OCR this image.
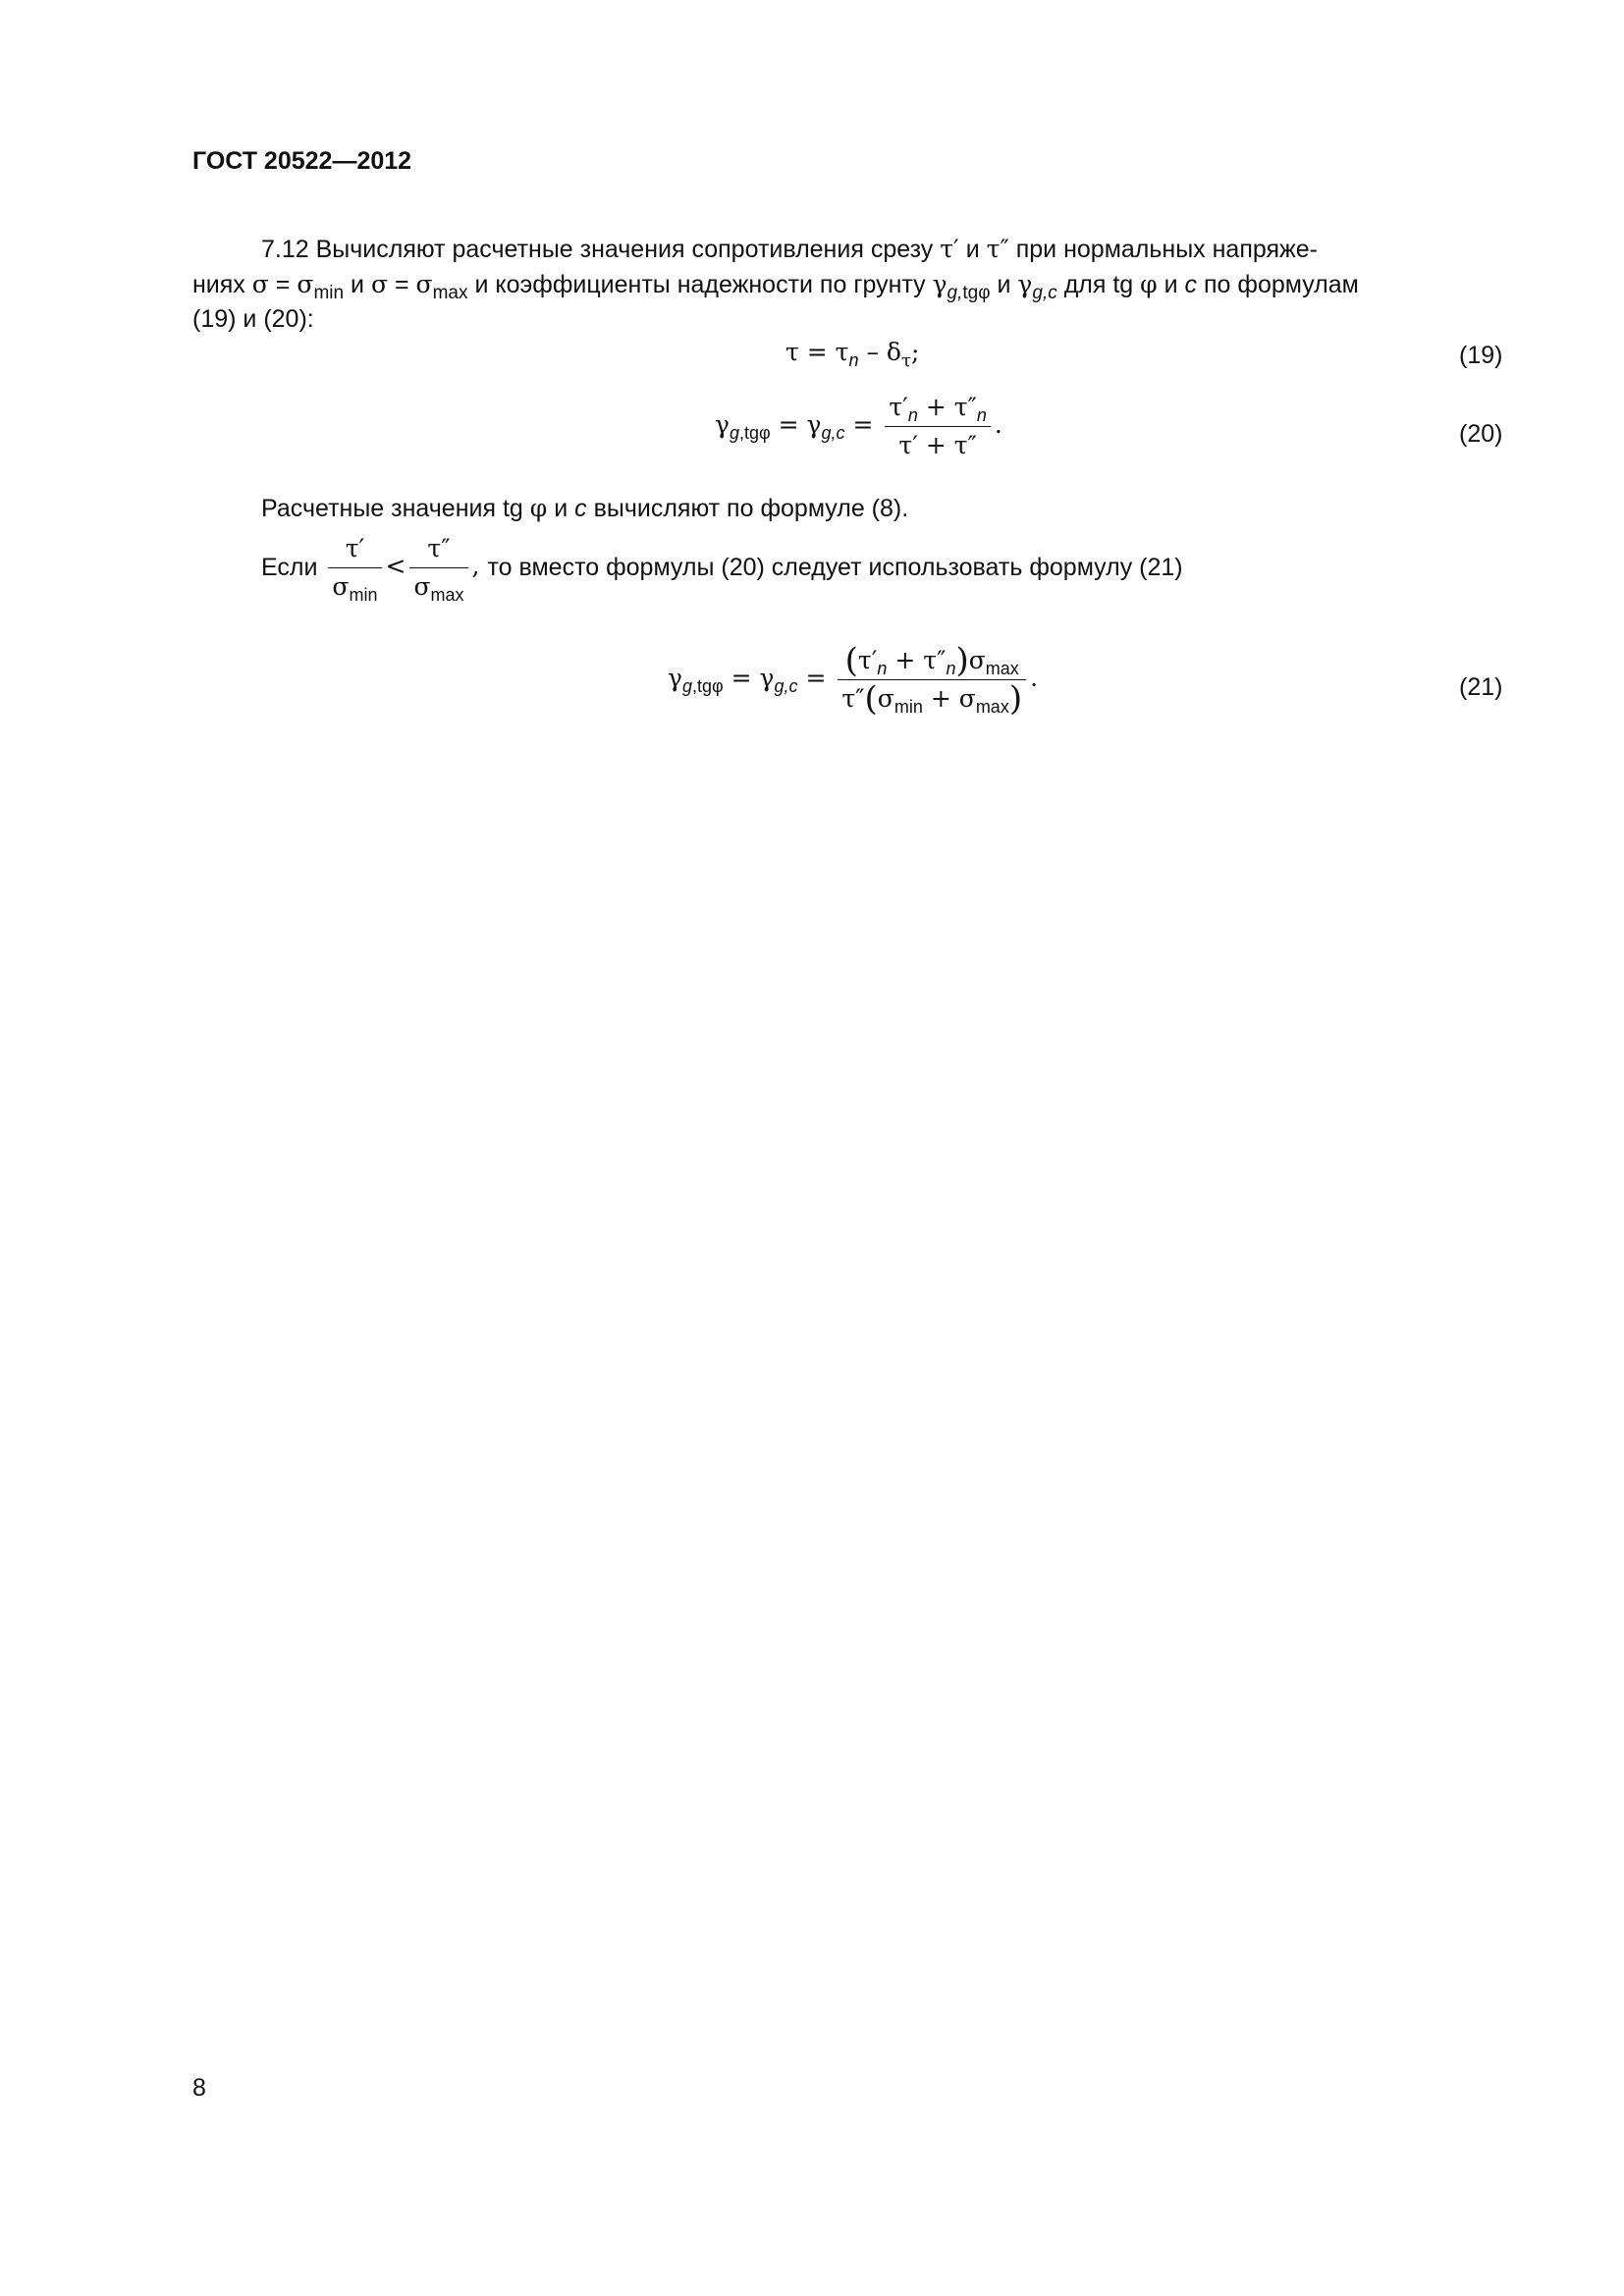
ГОСТ 20522—2012
7.12 Вычисляют расчетные значения сопротивления срезу τ′ и τ″ при нормальных напряже-
ниях $\sigma = \sigma_{min}$ и $\sigma = \sigma_{max}$ и коэффициенты надежности по грунту $\gamma_{g,tg\varphi}$ и $\gamma_{g,c}$ для tg φ и c по формулам
(19) и (20):
$\tau = \tau_n - \delta_\tau$;	(19)
$\gamma_{g,tg\varphi} = \gamma_{g,c} = \frac{\tau'_n + \tau''_n}{\tau' + \tau''}$ .	(20)
Расчетные значения tg φ и c вычисляют по формуле (8).
Если $\frac{\tau'}{\sigma_{min}} < \frac{\tau''}{\sigma_{max}}$ , то вместо формулы (20) следует использовать формулу (21)
$\gamma_{g,tg\varphi} = \gamma_{g,c} = \frac{(\tau'_n + \tau''_n)\sigma_{max}}{\tau''(\sigma_{min} + \sigma_{max})}$ .	(21)
8
